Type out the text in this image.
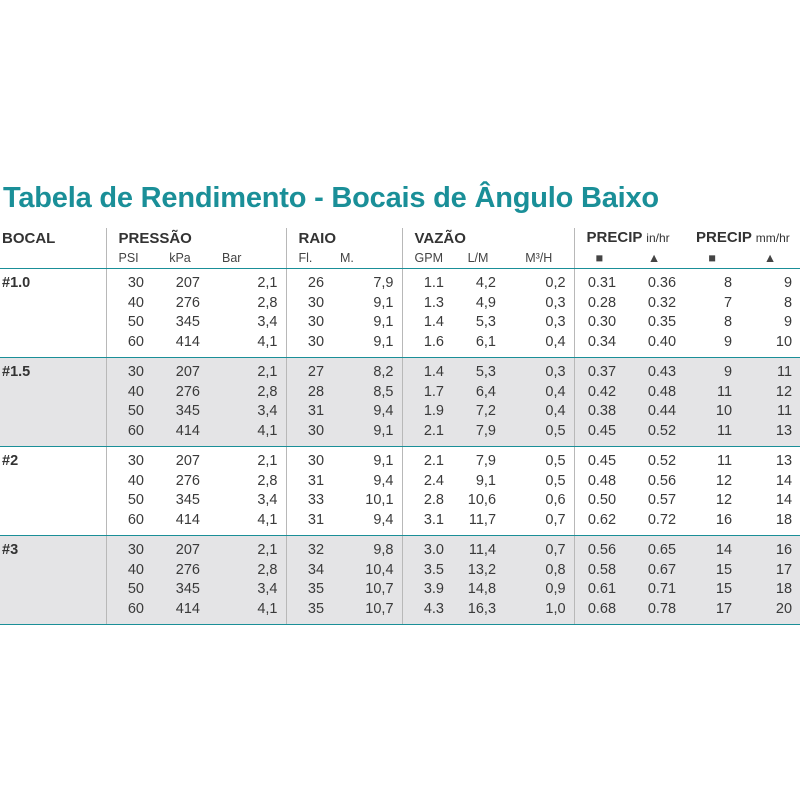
Tabela de Rendimento - Bocais de Ângulo Baixo
BOCAL	PRESSÃO			RAIO		VAZÃO			PRECIP in/hr		PRECIP mm/hr	
	PSI	kPa	Bar	Fl.	M.	GPM	L/M	M³/H	■	▲	■	▲
#1.0	30	207	2,1	26	7,9	1.1	4,2	0,2	0.31	0.36	8	9
	40	276	2,8	30	9,1	1.3	4,9	0,3	0.28	0.32	7	8
	50	345	3,4	30	9,1	1.4	5,3	0,3	0.30	0.35	8	9
	60	414	4,1	30	9,1	1.6	6,1	0,4	0.34	0.40	9	10
#1.5	30	207	2,1	27	8,2	1.4	5,3	0,3	0.37	0.43	9	11
	40	276	2,8	28	8,5	1.7	6,4	0,4	0.42	0.48	11	12
	50	345	3,4	31	9,4	1.9	7,2	0,4	0.38	0.44	10	11
	60	414	4,1	30	9,1	2.1	7,9	0,5	0.45	0.52	11	13
#2	30	207	2,1	30	9,1	2.1	7,9	0,5	0.45	0.52	11	13
	40	276	2,8	31	9,4	2.4	9,1	0,5	0.48	0.56	12	14
	50	345	3,4	33	10,1	2.8	10,6	0,6	0.50	0.57	12	14
	60	414	4,1	31	9,4	3.1	11,7	0,7	0.62	0.72	16	18
#3	30	207	2,1	32	9,8	3.0	11,4	0,7	0.56	0.65	14	16
	40	276	2,8	34	10,4	3.5	13,2	0,8	0.58	0.67	15	17
	50	345	3,4	35	10,7	3.9	14,8	0,9	0.61	0.71	15	18
	60	414	4,1	35	10,7	4.3	16,3	1,0	0.68	0.78	17	20
